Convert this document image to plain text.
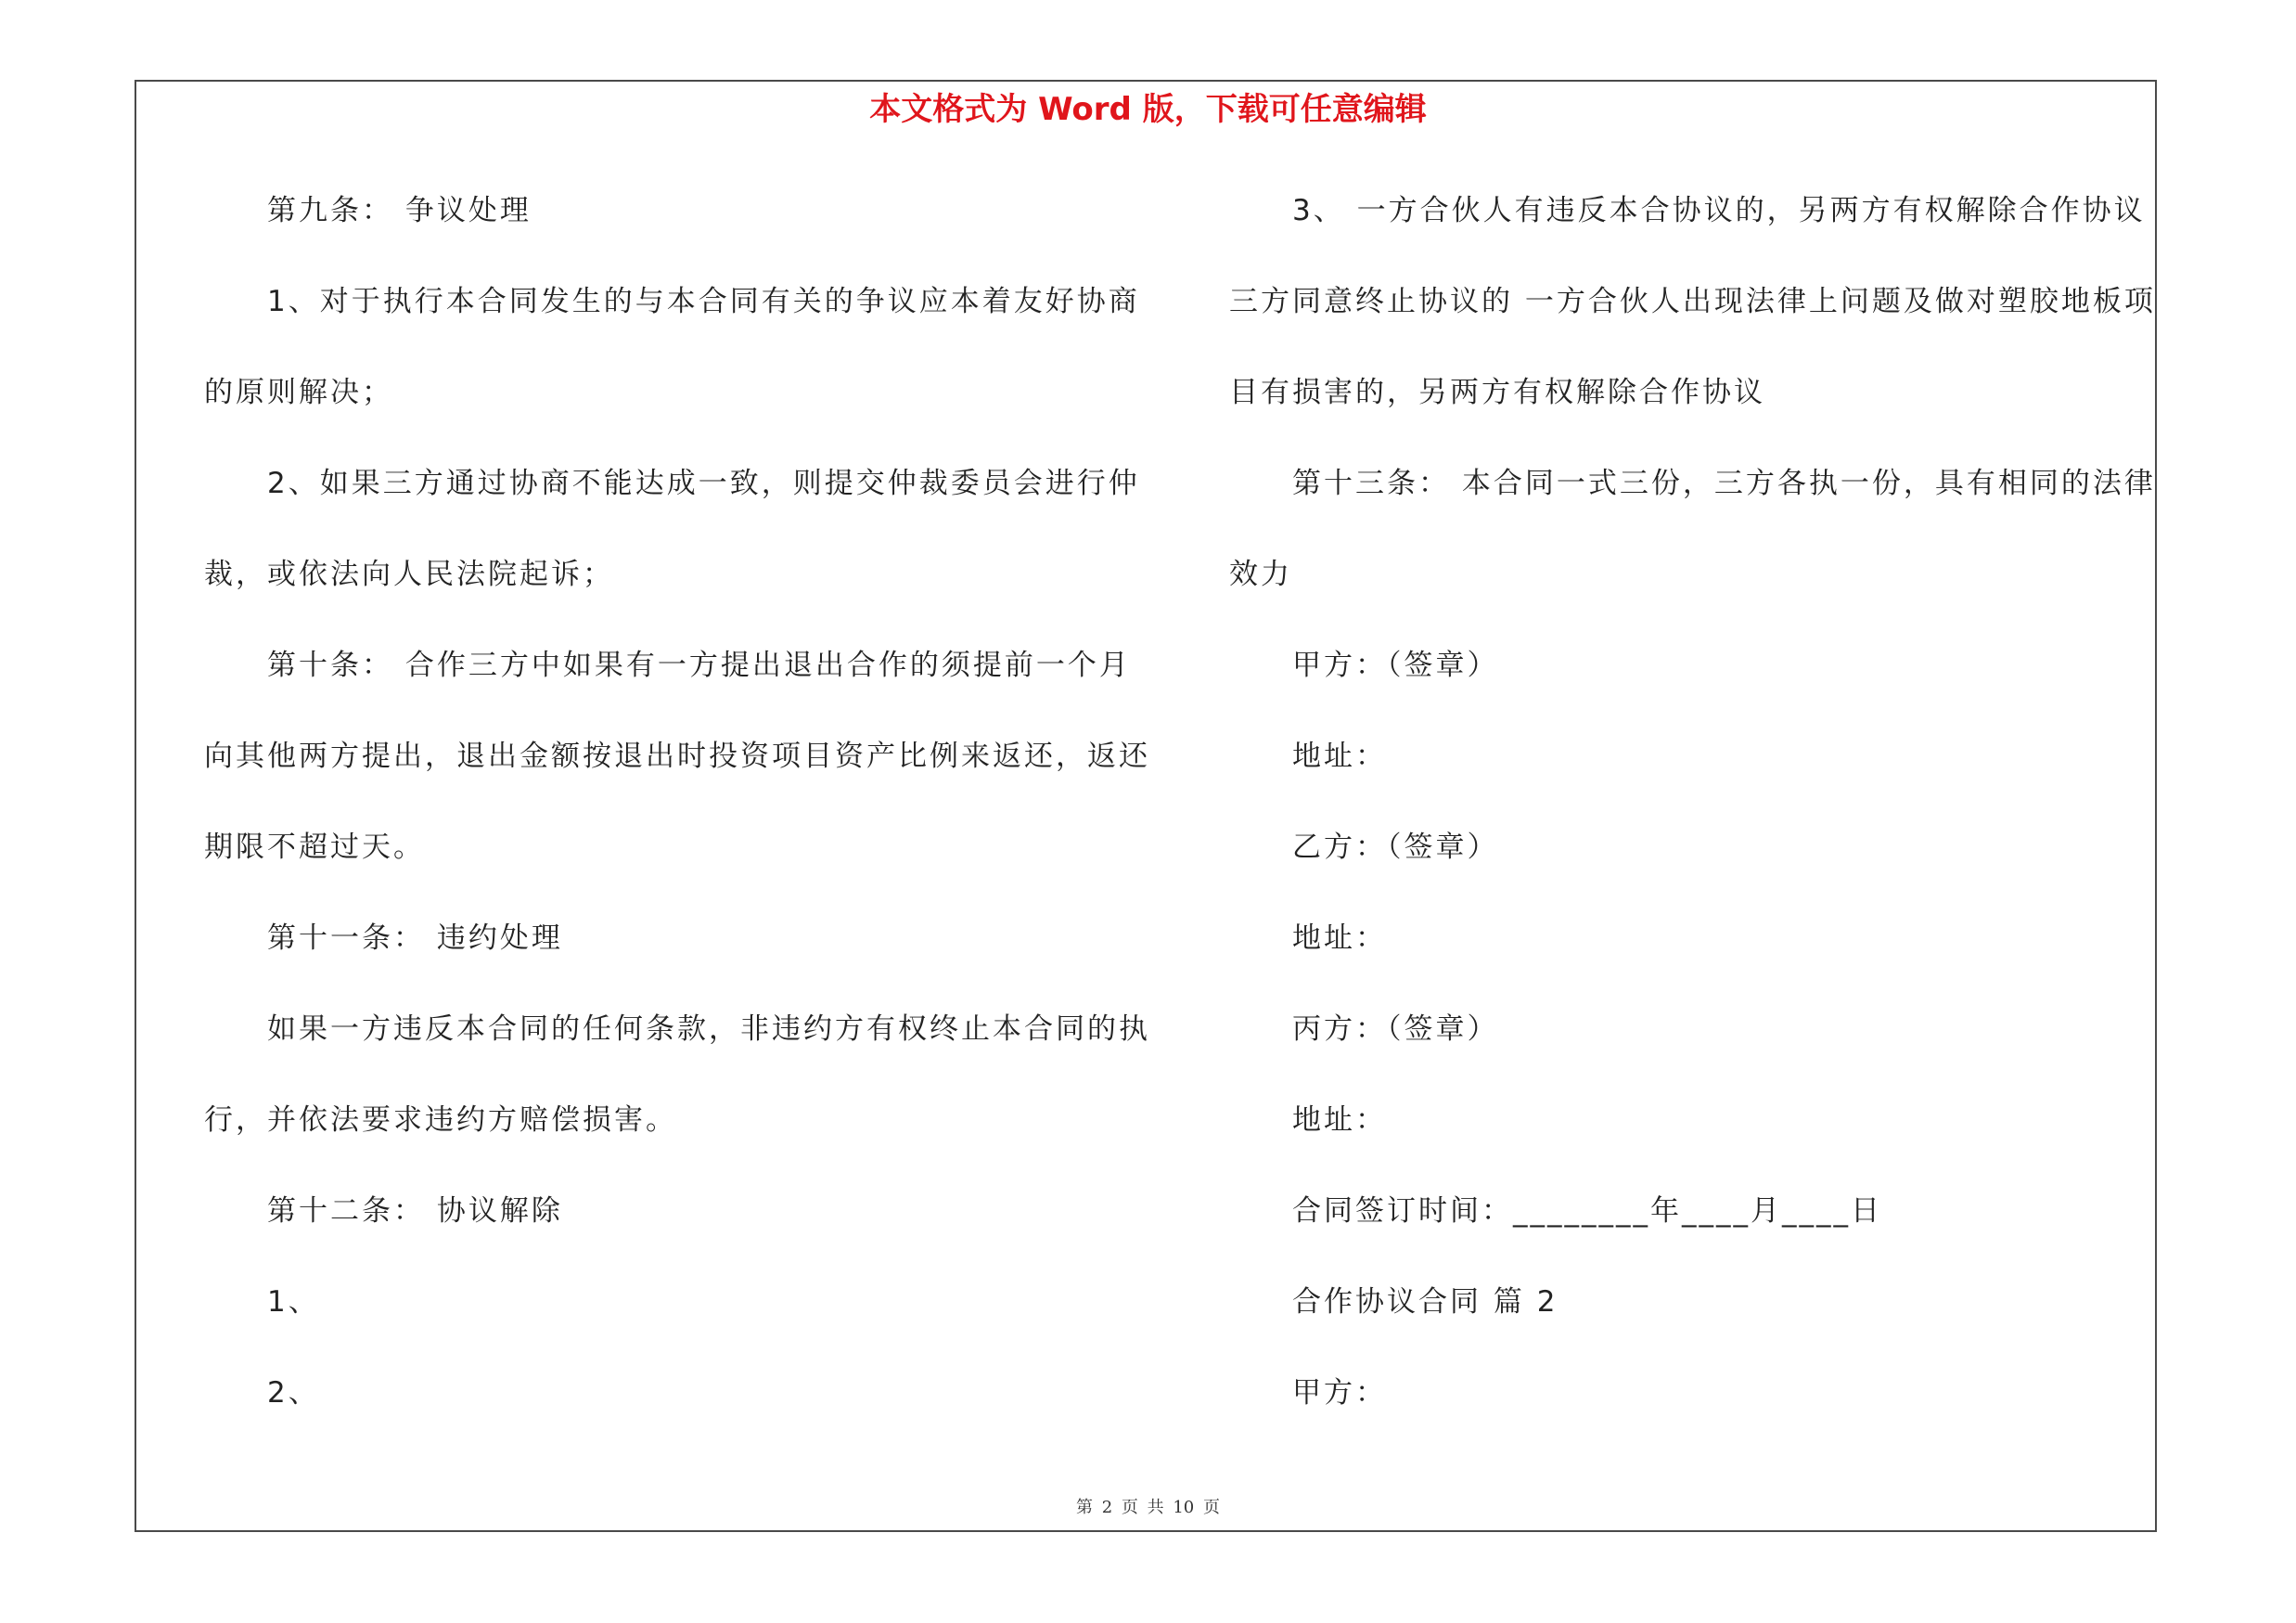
本文格式为 Word 版，下载可任意编辑
第九条： 争议处理
1、对于执行本合同发生的与本合同有关的争议应本着友好协商
的原则解决；
2、如果三方通过协商不能达成一致，则提交仲裁委员会进行仲
裁，或依法向人民法院起诉；
第十条： 合作三方中如果有一方提出退出合作的须提前一个月
向其他两方提出，退出金额按退出时投资项目资产比例来返还，返还
期限不超过天。
第十一条： 违约处理
如果一方违反本合同的任何条款，非违约方有权终止本合同的执
行，并依法要求违约方赔偿损害。
第十二条： 协议解除
1、
2、
3、 一方合伙人有违反本合协议的，另两方有权解除合作协议
三方同意终止协议的 一方合伙人出现法律上问题及做对塑胶地板项
目有损害的，另两方有权解除合作协议
第十三条： 本合同一式三份，三方各执一份，具有相同的法律
效力
甲方：（签章）
地址：
乙方：（签章）
地址：
丙方：（签章）
地址：
合同签订时间：________年____月____日
合作协议合同 篇 2
甲方：
第 2 页 共 10 页
